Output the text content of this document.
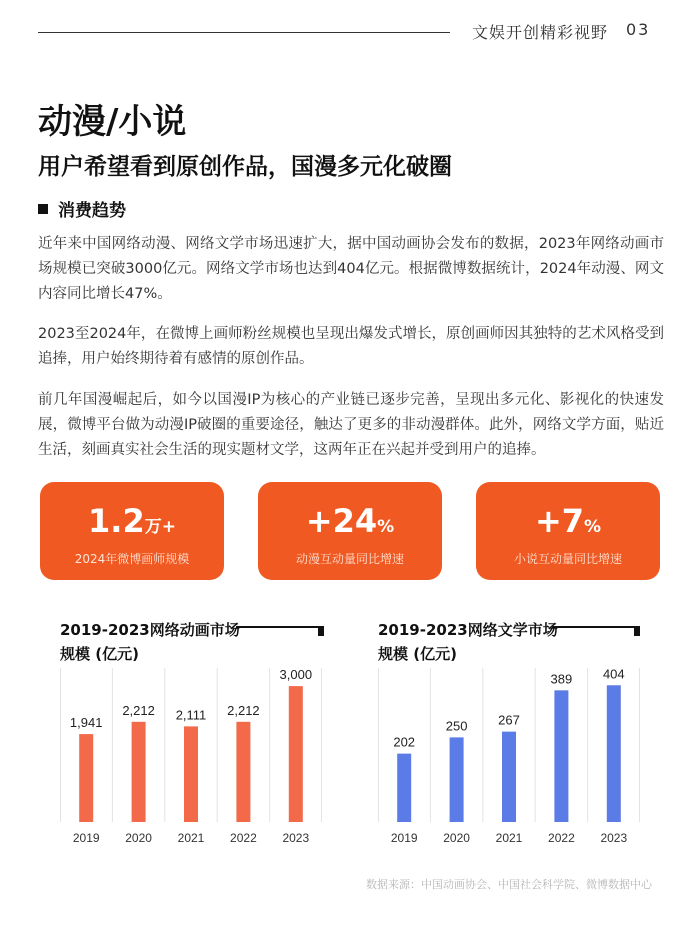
文娱开创精彩视野 03
动漫/小说
用户希望看到原创作品，国漫多元化破圈
消费趋势

近年来中国网络动漫、网络文学市场迅速扩大，据中国动画协会发布的数据，2023年网络动画市场规模已突破3000亿元。网络文学市场也达到404亿元。根据微博数据统计，2024年动漫、网文内容同比增长47%。

2023至2024年，在微博上画师粉丝规模也呈现出爆发式增长，原创画师因其独特的艺术风格受到追捧，用户始终期待着有感情的原创作品。

前几年国漫崛起后，如今以国漫IP为核心的产业链已逐步完善，呈现出多元化、影视化的快速发展，微博平台做为动漫IP破圈的重要途径，触达了更多的非动漫群体。此外，网络文学方面，贴近生活，刻画真实社会生活的现实题材文学，这两年正在兴起并受到用户的追捧。

1.2万+
2024年微博画师规模
+24%
动漫互动量同比增速
+7%
小说互动量同比增速
2019-2023网络动画市场
规模 (亿元)
2019-2023网络文学市场
规模 (亿元)
1,941
2019
2,212
2020
2,111
2021
2,212
2022
3,000
2023
202
2019
250
2020
267
2021
389
2022
404
2023
数据来源：中国动画协会、中国社会科学院、微博数据中心
